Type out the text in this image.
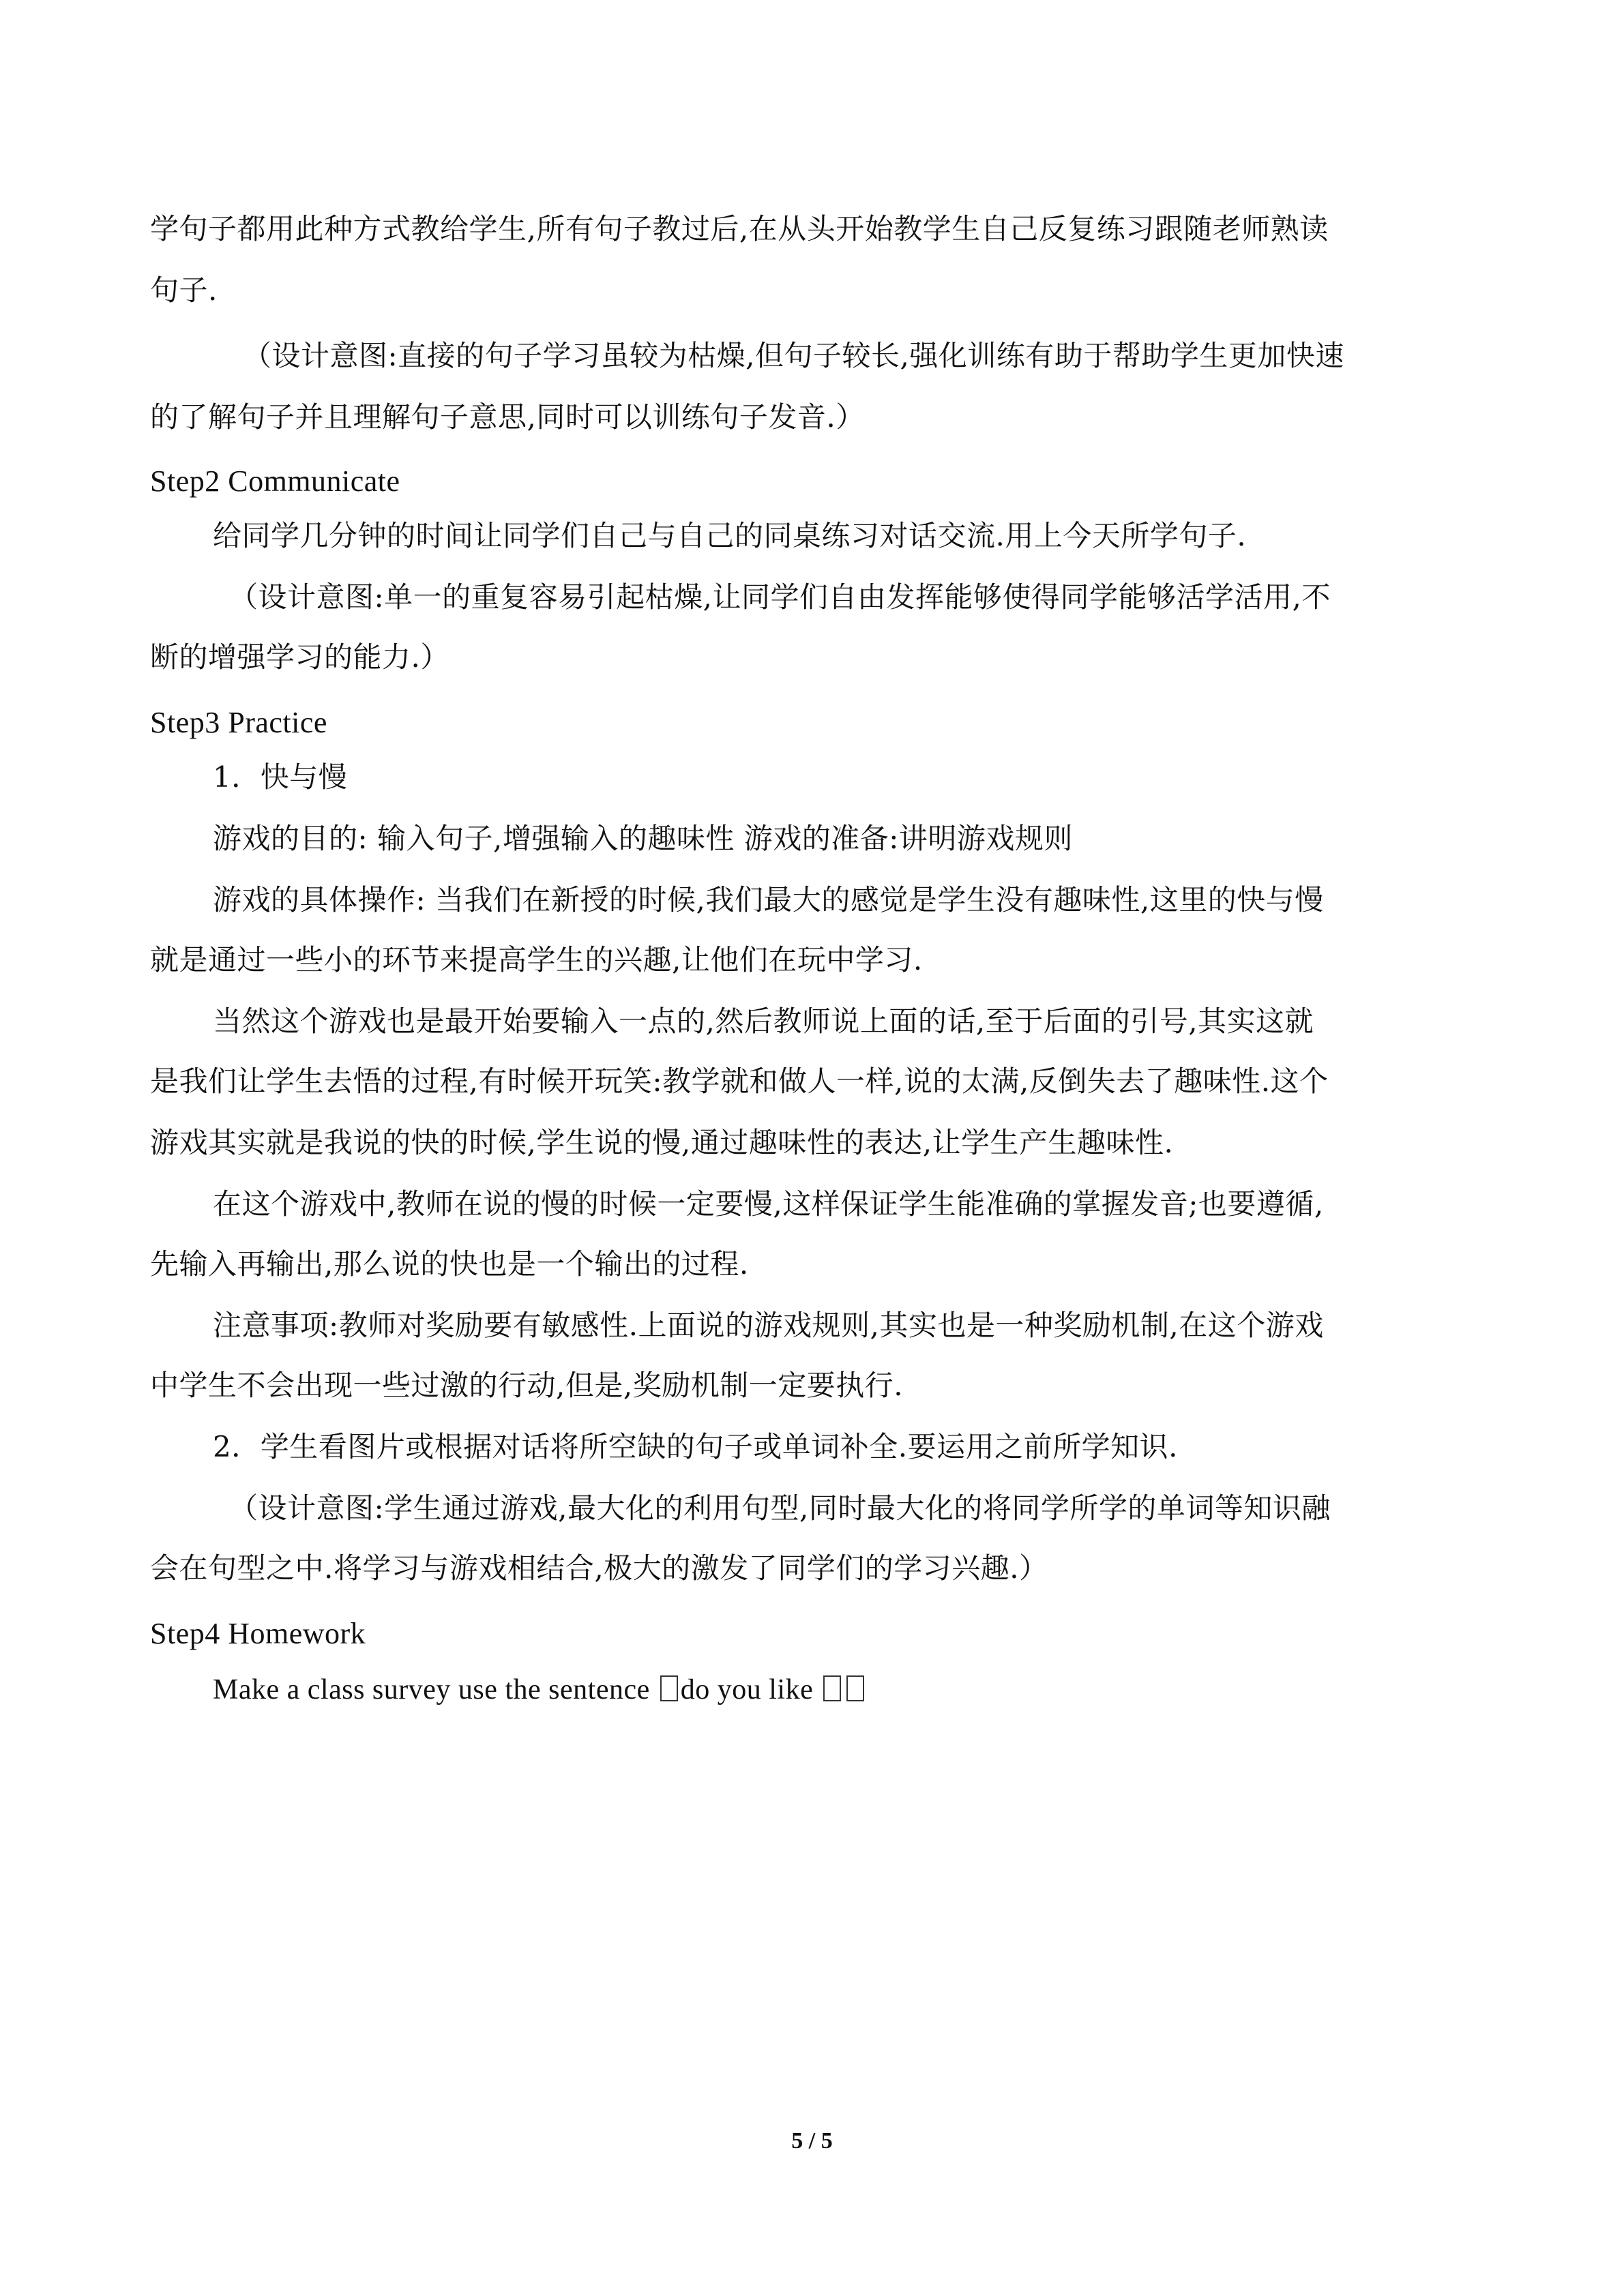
学句子都用此种方式教给学生,所有句子教过后,在从头开始教学生自己反复练习跟随老师熟读
句子.
（设计意图:直接的句子学习虽较为枯燥,但句子较长,强化训练有助于帮助学生更加快速
的了解句子并且理解句子意思,同时可以训练句子发音.）
Step2 Communicate
给同学几分钟的时间让同学们自己与自己的同桌练习对话交流.用上今天所学句子.
（设计意图:单一的重复容易引起枯燥,让同学们自由发挥能够使得同学能够活学活用,不
断的增强学习的能力.）
Step3 Practice
1．快与慢
游戏的目的: 输入句子,增强输入的趣味性 游戏的准备:讲明游戏规则
游戏的具体操作: 当我们在新授的时候,我们最大的感觉是学生没有趣味性,这里的快与慢
就是通过一些小的环节来提高学生的兴趣,让他们在玩中学习.
当然这个游戏也是最开始要输入一点的,然后教师说上面的话,至于后面的引号,其实这就
是我们让学生去悟的过程,有时候开玩笑:教学就和做人一样,说的太满,反倒失去了趣味性.这个
游戏其实就是我说的快的时候,学生说的慢,通过趣味性的表达,让学生产生趣味性.
在这个游戏中,教师在说的慢的时候一定要慢,这样保证学生能准确的掌握发音;也要遵循,
先输入再输出,那么说的快也是一个输出的过程.
注意事项:教师对奖励要有敏感性.上面说的游戏规则,其实也是一种奖励机制,在这个游戏
中学生不会出现一些过激的行动,但是,奖励机制一定要执行.
2．学生看图片或根据对话将所空缺的句子或单词补全.要运用之前所学知识.
（设计意图:学生通过游戏,最大化的利用句型,同时最大化的将同学所学的单词等知识融
会在句型之中.将学习与游戏相结合,极大的激发了同学们的学习兴趣.）
Step4 Homework
Make a class survey use the sentence do you like
5 / 5
